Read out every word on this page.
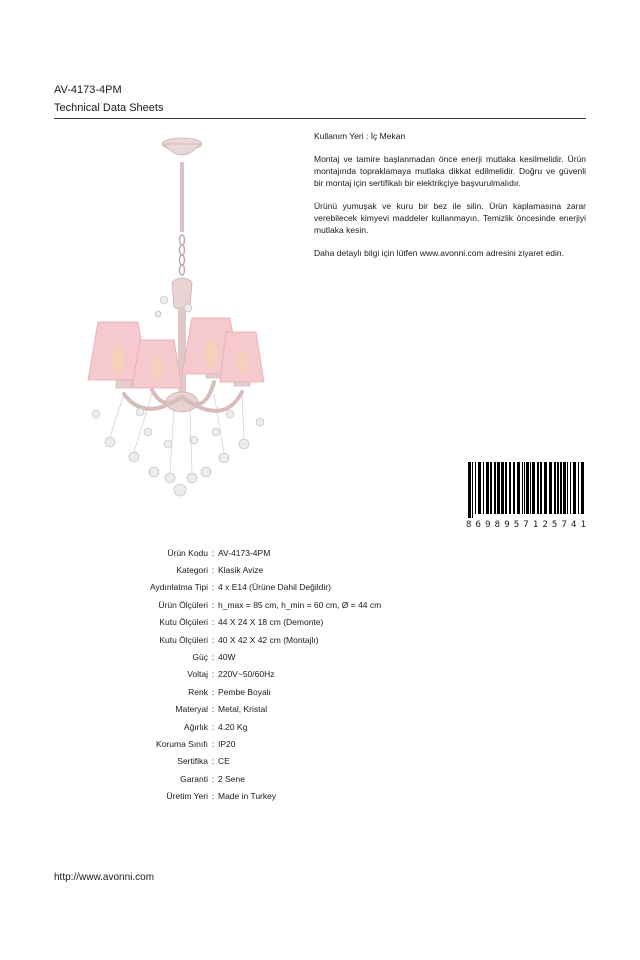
AV-4173-4PM

Technical Data Sheets

Kullanım Yeri : İç Mekan

Montaj ve tamire başlanmadan önce enerji mutlaka kesilmelidir. Ürün montajında topraklamaya mutlaka dikkat edilmelidir. Doğru ve güvenli bir montaj için sertifikalı bir elektrikçiye başvurulmalıdır.

Ürünü yumuşak ve kuru bir bez ile silin. Ürün kaplamasına zarar verebilecek kimyevi maddeler kullanmayın. Temizlik öncesinde enerjiyi mutlaka kesin.

Daha detaylı bilgi için lütfen www.avonni.com adresini ziyaret edin.

8 6 9 8 9 5 7 1 2 5 7 4 1
Ürün Kodu : AV-4173-4PM
Kategori : Klasik Avize
Aydınlatma Tipi : 4 x E14 (Ürüne Dahil Değildir)
Ürün Ölçüleri : h_max = 85 cm, h_min = 60 cm, Ø = 44 cm
Kutu Ölçüleri : 44 X 24 X 18 cm (Demonte)
Kutu Ölçüleri : 40 X 42 X 42 cm (Montajlı)
Güç : 40W
Voltaj : 220V~50/60Hz
Renk : Pembe Boyalı
Materyal : Metal, Kristal
Ağırlık : 4.20 Kg
Koruma Sınıfı : IP20
Sertifika : CE
Garanti : 2 Sene
Üretim Yeri : Made in Turkey
http://www.avonni.com
